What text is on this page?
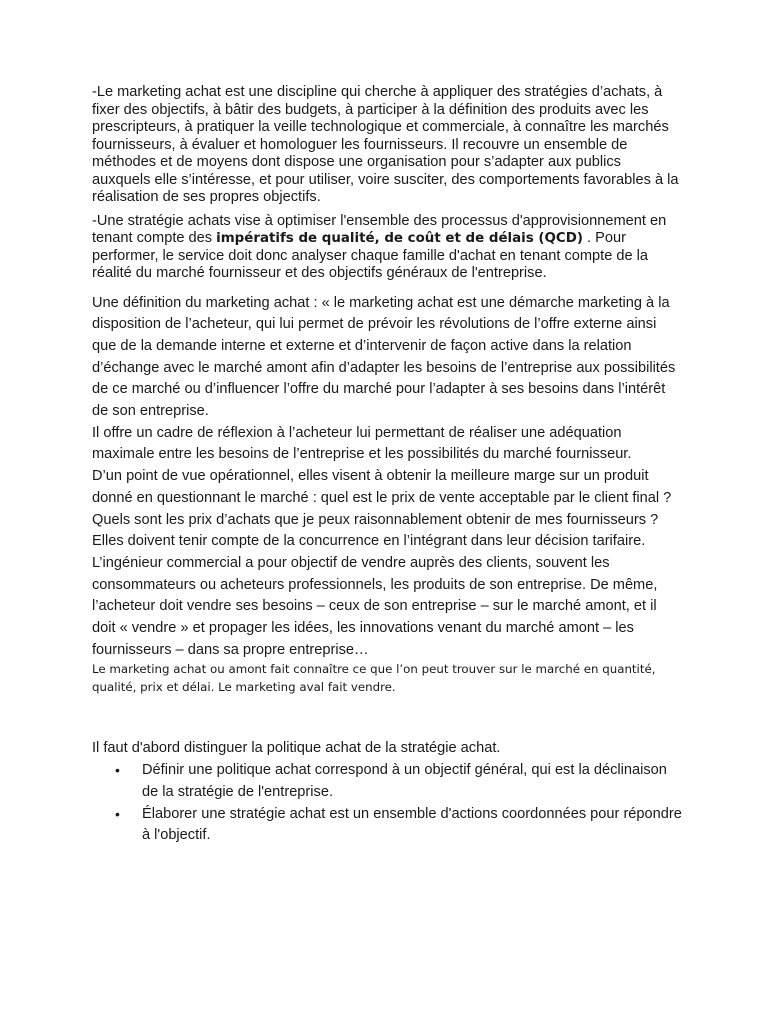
-Le marketing achat est une discipline qui cherche à appliquer des stratégies d’achats, à fixer des objectifs, à bâtir des budgets, à participer à la définition des produits avec les prescripteurs, à pratiquer la veille technologique et commerciale, à connaître les marchés fournisseurs, à évaluer et homologuer les fournisseurs. Il recouvre un ensemble de méthodes et de moyens dont dispose une organisation pour s’adapter aux publics auxquels elle s’intéresse, et pour utiliser, voire susciter, des comportements favorables à la réalisation de ses propres objectifs.

-Une stratégie achats vise à optimiser l'ensemble des processus d'approvisionnement en tenant compte des impératifs de qualité, de coût et de délais (QCD) . Pour performer, le service doit donc analyser chaque famille d'achat en tenant compte de la réalité du marché fournisseur et des objectifs généraux de l'entreprise.

Une définition du marketing achat : « le marketing achat est une démarche marketing à la disposition de l’acheteur, qui lui permet de prévoir les révolutions de l’offre externe ainsi que de la demande interne et externe et d’intervenir de façon active dans la relation d’échange avec le marché amont afin d’adapter les besoins de l’entreprise aux possibilités de ce marché ou d’influencer l’offre du marché pour l’adapter à ses besoins dans l’intérêt de son entreprise.

Il offre un cadre de réflexion à l’acheteur lui permettant de réaliser une adéquation maximale entre les besoins de l’entreprise et les possibilités du marché fournisseur.

D’un point de vue opérationnel, elles visent à obtenir la meilleure marge sur un produit donné en questionnant le marché : quel est le prix de vente acceptable par le client final ? Quels sont les prix d’achats que je peux raisonnablement obtenir de mes fournisseurs ? Elles doivent tenir compte de la concurrence en l’intégrant dans leur décision tarifaire.

L’ingénieur commercial a pour objectif de vendre auprès des clients, souvent les consommateurs ou acheteurs professionnels, les produits de son entreprise. De même, l’acheteur doit vendre ses besoins – ceux de son entreprise – sur le marché amont, et il doit « vendre » et propager les idées, les innovations venant du marché amont – les fournisseurs – dans sa propre entreprise…

Le marketing achat ou amont fait connaître ce que l’on peut trouver sur le marché en quantité, qualité, prix et délai. Le marketing aval fait vendre.

Il faut d'abord distinguer la politique achat de la stratégie achat.

• Définir une politique achat correspond à un objectif général, qui est la déclinaison de la stratégie de l'entreprise.
• Élaborer une stratégie achat est un ensemble d'actions coordonnées pour répondre à l'objectif.
